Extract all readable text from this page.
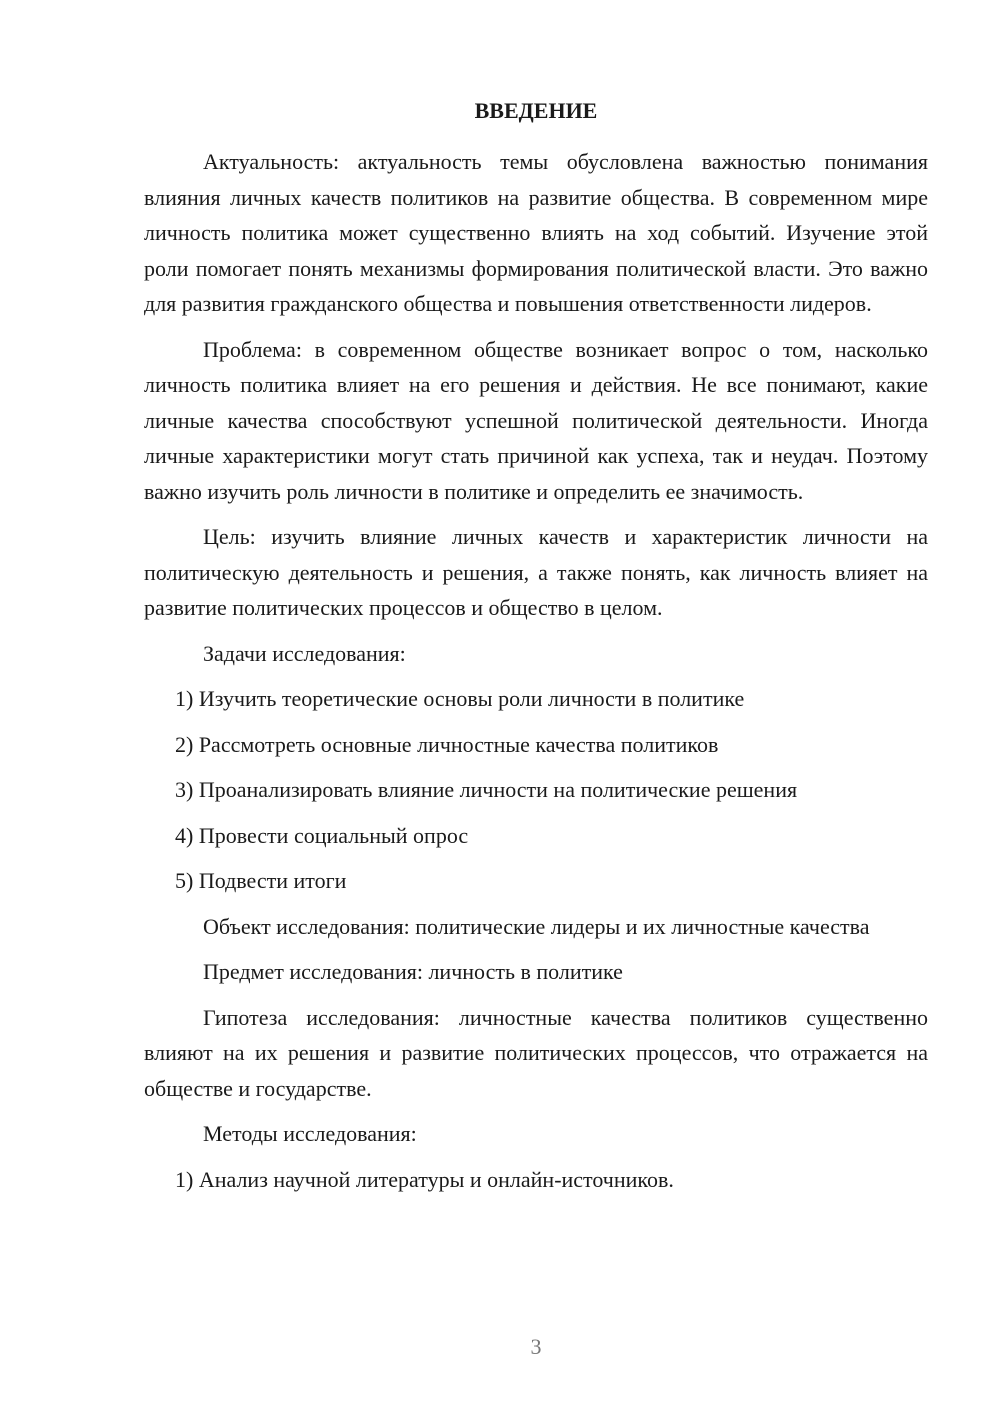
ВВЕДЕНИЕ

Актуальность: актуальность темы обусловлена важностью понимания влияния личных качеств политиков на развитие общества. В современном мире личность политика может существенно влиять на ход событий. Изучение этой роли помогает понять механизмы формирования политической власти. Это важно для развития гражданского общества и повышения ответственности лидеров.

Проблема: в современном обществе возникает вопрос о том, насколько личность политика влияет на его решения и действия. Не все понимают, какие личные качества способствуют успешной политической деятельности. Иногда личные характеристики могут стать причиной как успеха, так и неудач. Поэтому важно изучить роль личности в политике и определить ее значимость.

Цель: изучить влияние личных качеств и характеристик личности на политическую деятельность и решения, а также понять, как личность влияет на развитие политических процессов и общество в целом.

Задачи исследования:

1) Изучить теоретические основы роли личности в политике

2) Рассмотреть основные личностные качества политиков

3) Проанализировать влияние личности на политические решения

4) Провести социальный опрос

5) Подвести итоги

Объект исследования: политические лидеры и их личностные качества

Предмет исследования: личность в политике

Гипотеза исследования: личностные качества политиков существенно влияют на их решения и развитие политических процессов, что отражается на обществе и государстве.

Методы исследования:

1) Анализ научной литературы и онлайн-источников.

3
